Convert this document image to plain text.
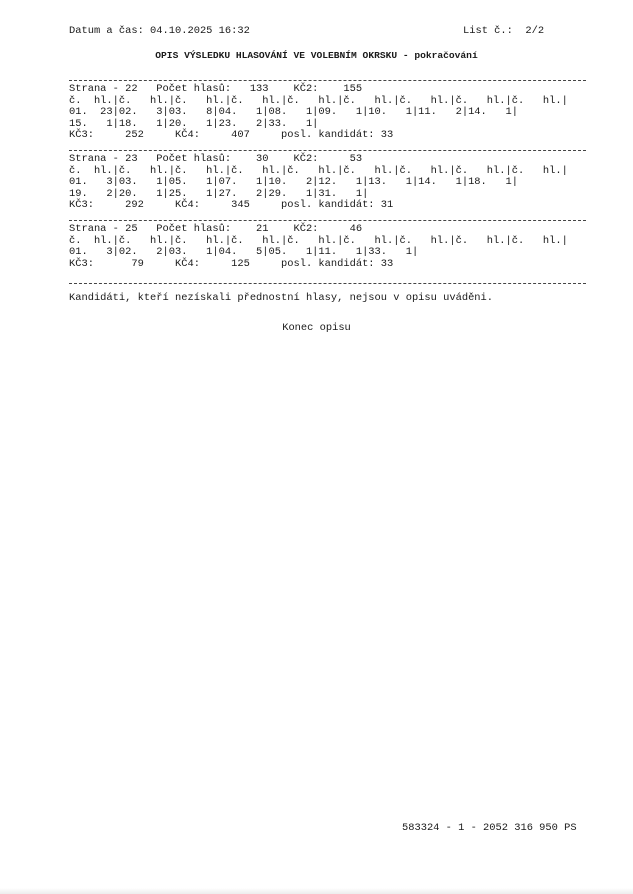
Datum a čas: 04.10.2025 16:32	List č.:  2/2
OPIS VÝSLEDKU HLASOVÁNÍ VE VOLEBNÍM OKRSKU - pokračování
Strana - 22   Počet hlasů:   133    KČ2:    155
č.  hl.|č.   hl.|č.   hl.|č.   hl.|č.   hl.|č.   hl.|č.   hl.|č.   hl.|č.   hl.|
01.  23|02.   3|03.   8|04.   1|08.   1|09.   1|10.   1|11.   2|14.   1|
15.   1|18.   1|20.   1|23.   2|33.   1|
KČ3:     252     KČ4:     407     posl. kandidát: 33
Strana - 23   Počet hlasů:    30    KČ2:     53
č.  hl.|č.   hl.|č.   hl.|č.   hl.|č.   hl.|č.   hl.|č.   hl.|č.   hl.|č.   hl.|
01.   3|03.   1|05.   1|07.   1|10.   2|12.   1|13.   1|14.   1|18.   1|
19.   2|20.   1|25.   1|27.   2|29.   1|31.   1|
KČ3:     292     KČ4:     345     posl. kandidát: 31
Strana - 25   Počet hlasů:    21    KČ2:     46
č.  hl.|č.   hl.|č.   hl.|č.   hl.|č.   hl.|č.   hl.|č.   hl.|č.   hl.|č.   hl.|
01.   3|02.   2|03.   1|04.   5|05.   1|11.   1|33.   1|
KČ3:      79     KČ4:     125     posl. kandidát: 33
Kandidáti, kteří nezískali přednostní hlasy, nejsou v opisu uváděni.
Konec opisu
583324 - 1 - 2052 316 950 PS
